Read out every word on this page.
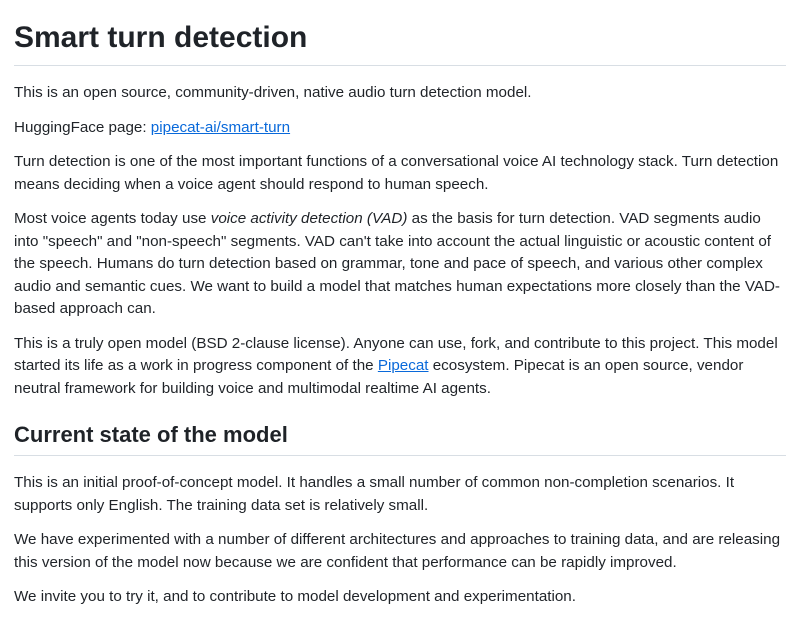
Smart turn detection

This is an open source, community-driven, native audio turn detection model.

HuggingFace page: pipecat-ai/smart-turn

Turn detection is one of the most important functions of a conversational voice AI technology stack. Turn detection means deciding when a voice agent should respond to human speech.

Most voice agents today use voice activity detection (VAD) as the basis for turn detection. VAD segments audio into "speech" and "non-speech" segments. VAD can't take into account the actual linguistic or acoustic content of the speech. Humans do turn detection based on grammar, tone and pace of speech, and various other complex audio and semantic cues. We want to build a model that matches human expectations more closely than the VAD-based approach can.

This is a truly open model (BSD 2-clause license). Anyone can use, fork, and contribute to this project. This model started its life as a work in progress component of the Pipecat ecosystem. Pipecat is an open source, vendor neutral framework for building voice and multimodal realtime AI agents.

Current state of the model

This is an initial proof-of-concept model. It handles a small number of common non-completion scenarios. It supports only English. The training data set is relatively small.

We have experimented with a number of different architectures and approaches to training data, and are releasing this version of the model now because we are confident that performance can be rapidly improved.

We invite you to try it, and to contribute to model development and experimentation.
